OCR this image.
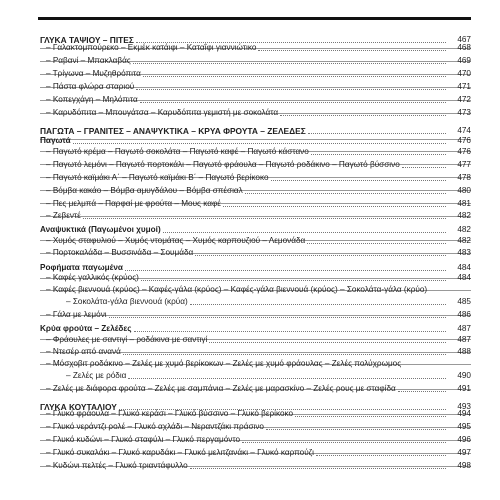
ΓΛΥΚΑ ΤΑΨΙΟΥ – ΠΙΤΕΣ	467
– Γαλακτομπούρεκο – Εκμέκ κατάιφι – Καταΐφι γιαννιώτικο	468
– Ραβανί – Μπακλαβάς	469
– Τρίγωνα – Μυζηθρόπιτα	470
– Πάστα φλώρα σταριού	471
– Κοπεγχάγη – Μηλόπιτα	472
– Καρυδόπιτα – Μπουγάτσα – Καρυδόπιτα γεμιστή με σοκολάτα	473
ΠΑΓΩΤΑ – ΓΡΑΝΙΤΕΣ – ΑΝΑΨΥΚΤΙΚΑ – ΚΡΥΑ ΦΡΟΥΤΑ – ΖΕΛΕΔΕΣ	474
Παγωτά	476
– Παγωτό κρέμα – Παγωτό σοκολάτα – Παγωτό καφέ – Παγωτό κάστανο	476
– Παγωτό λεμόνι – Παγωτό πορτοκάλι – Παγωτό φράουλα – Παγωτό ροδάκινο – Παγωτό βύσσινο	477
– Παγωτό καϊμάκι Α΄ – Παγωτό καϊμάκι Β΄ – Παγωτό βερίκοκο	478
– Βόμβα κακάο – Βόμβα αμυγδάλου – Βόμβα σπέσιαλ	480
– Πες μελμπά – Παρφαί με φρούτα – Μους καφέ	481
– Ζεβεντέ	482
Αναψυκτικά (Παγωμένοι χυμοί)	482
– Χυμός σταφυλιού – Χυμός ντομάτας – Χυμός καρπουζιού – Λεμονάδα	482
– Πορτοκαλάδα – Βυσσινάδα – Σουμάδα	483
Ροφήματα παγωμένα	484
– Καφές γαλλικός (κρύος)	484
– Καφές βιεννουά (κρύος) – Καφές-γάλα (κρύος) – Καφές-γάλα βιεννουά (κρύος) – Σοκολάτα-γάλα (κρύο)
– Σοκολάτα-γάλα βιεννουά (κρύα)	485
– Γάλα με λεμόνι	486
Κρύα φρούτα – Ζελέδες	487
– Φράουλες με σαντιγί – ροδάκινα με σαντιγί	487
– Ντεσέρ από ανανά	488
– Μόσχοβιτ ροδάκινο – Ζελές με χυμό βερίκοκων – Ζελές με χυμό φράουλας – Ζελές πολύχρωμος
– Ζελές με ρόδια	490
– Ζελές με διάφορα φρούτα – Ζελές με σαμπάνια – Ζελές με μαρασκίνο – Ζελές ρους με σταφίδα	491
ΓΛΥΚΑ ΚΟΥΤΑΛΙΟΥ	493
– Γλυκό φράουλα – Γλυκό κεράσι – Γλυκό βύσσινο – Γλυκό βερίκοκο	494
– Γλυκό νεράντζι ρολέ – Γλυκό αχλάδι – Νεραντζάκι πράσινο	495
– Γλυκό κυδώνι – Γλυκό σταφύλι – Γλυκό περγαμόντο	496
– Γλυκό συκαλάκι – Γλυκό καρυδάκι – Γλυκό μελιτζανάκι – Γλυκό καρπούζι	497
– Κυδώνι πελτές – Γλυκό τριαντάφυλλο	498
